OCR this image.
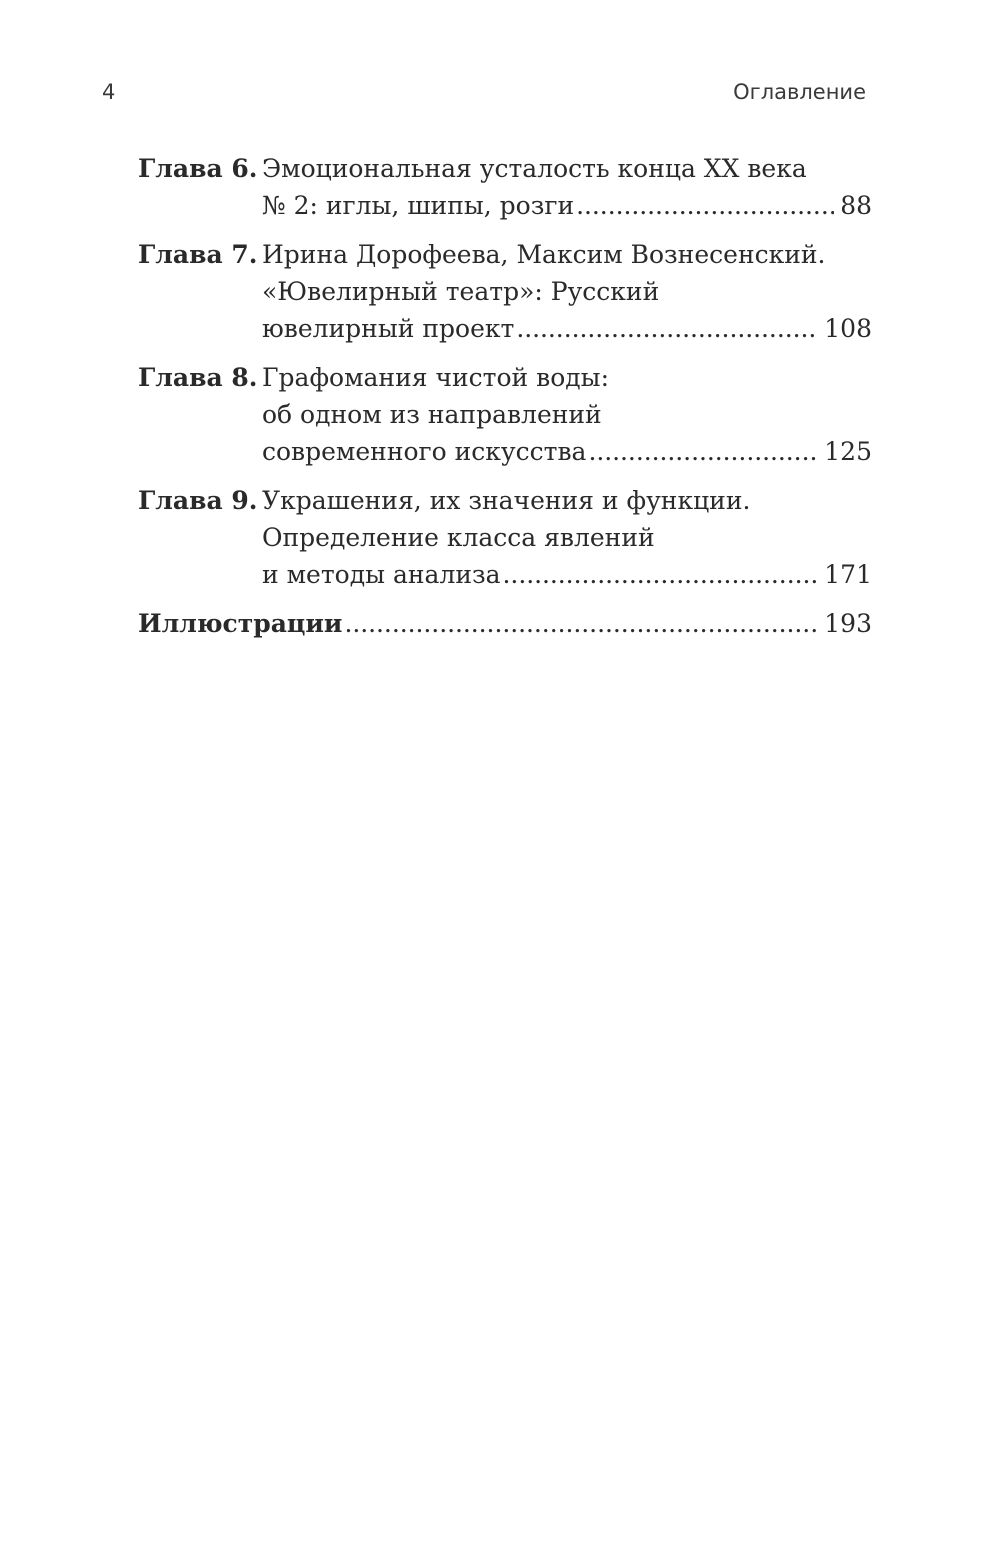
4	Оглавление
Глава 6. Эмоциональная усталость конца XX века
№ 2: иглы, шипы, розги . . .	88
Глава 7. Ирина Дорофеева, Максим Вознесенский.
«Ювелирный театр»: Русский
ювелирный проект . . .	108
Глава 8. Графомания чистой воды:
об одном из направлений
современного искусства . . .	125
Глава 9. Украшения, их значения и функции.
Определение класса явлений
и методы анализа . . .	171
Иллюстрации . . .	193
